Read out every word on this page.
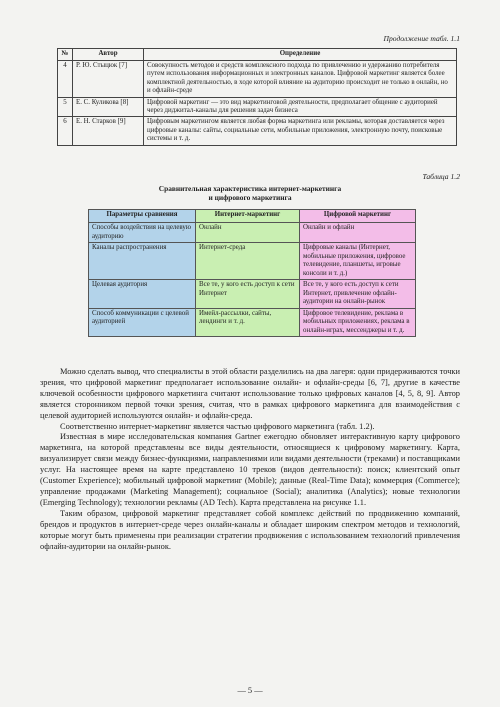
Продолжение табл. 1.1
№	Автор	Определение
4	Р. Ю. Стыцюк [7]	Совокупность методов и средств комплексного подхода по привлечению и удержанию потребителя путем использования информационных и электронных каналов. Цифровой маркетинг является более комплектной деятельностью, в ходе которой влияние на аудиторию происходит не только в онлайн, но и офлайн-среде
5	Е. С. Куликова [8]	Цифровой маркетинг — это вид маркетинговой деятельности, предполагает общение с аудиторией через диджитал-каналы для решения задач бизнеса
6	Е. Н. Старков [9]	Цифровым маркетингом является любая форма маркетинга или рекламы, которая доставляется через цифровые каналы: сайты, социальные сети, мобильные приложения, электронную почту, поисковые системы и т. д.
Таблица 1.2
Сравнительная характеристика интернет-маркетинга
и цифрового маркетинга
Параметры сравнения	Интернет-маркетинг	Цифровой маркетинг
Способы воздействия на целевую аудиторию	Онлайн	Онлайн и офлайн
Каналы распространения	Интернет-среда	Цифровые каналы (Интернет, мобильные приложения, цифровое телевидение, планшеты, игровые консоли и т. д.)
Целевая аудитория	Все те, у кого есть доступ к сети Интернет	Все те, у кого есть доступ к сети Интернет, привлечение офлайн-аудитории на онлайн-рынок
Способ коммуникации с целевой аудиторией	Имейл-рассылки, сайты, лендинги и т. д.	Цифровое телевидение, реклама в мобильных приложениях, реклама в онлайн-играх, мессенджеры и т. д.

Можно сделать вывод, что специалисты в этой области разделились на два лагеря: одни придерживаются точки зрения, что цифровой маркетинг предполагает использование онлайн- и офлайн-среды [6, 7], другие в качестве ключевой особенности цифрового маркетинга считают использование только цифровых каналов [4, 5, 8, 9]. Автор является сторонником первой точки зрения, считая, что в рамках цифрового маркетинга для взаимодействия с целевой аудиторией используются онлайн- и офлайн-среда.

Соответственно интернет-маркетинг является частью цифрового маркетинга (табл. 1.2).

Известная в мире исследовательская компания Gartner ежегодно обновляет интерактивную карту цифрового маркетинга, на которой представлены все виды деятельности, относящиеся к цифровому маркетингу. Карта, визуализирует связи между бизнес-функциями, направлениями или видами деятельности (треками) и поставщиками услуг. На настоящее время на карте представлено 10 треков (видов деятельности): поиск; клиентский опыт (Customer Experience); мобильный цифровой маркетинг (Mobile); данные (Real-Time Data); коммерция (Commerce); управление продажами (Marketing Management); социальное (Social); аналитика (Analytics); новые технологии (Emerging Technology); технологии рекламы (AD Tech). Карта представлена на рисунке 1.1.

Таким образом, цифровой маркетинг представляет собой комплекс действий по продвижению компаний, брендов и продуктов в интернет-среде через онлайн-каналы и обладает широким спектром методов и технологий, которые могут быть применены при реализации стратегии продвижения с использованием технологий привлечения офлайн-аудитории на онлайн-рынок.

— 5 —
